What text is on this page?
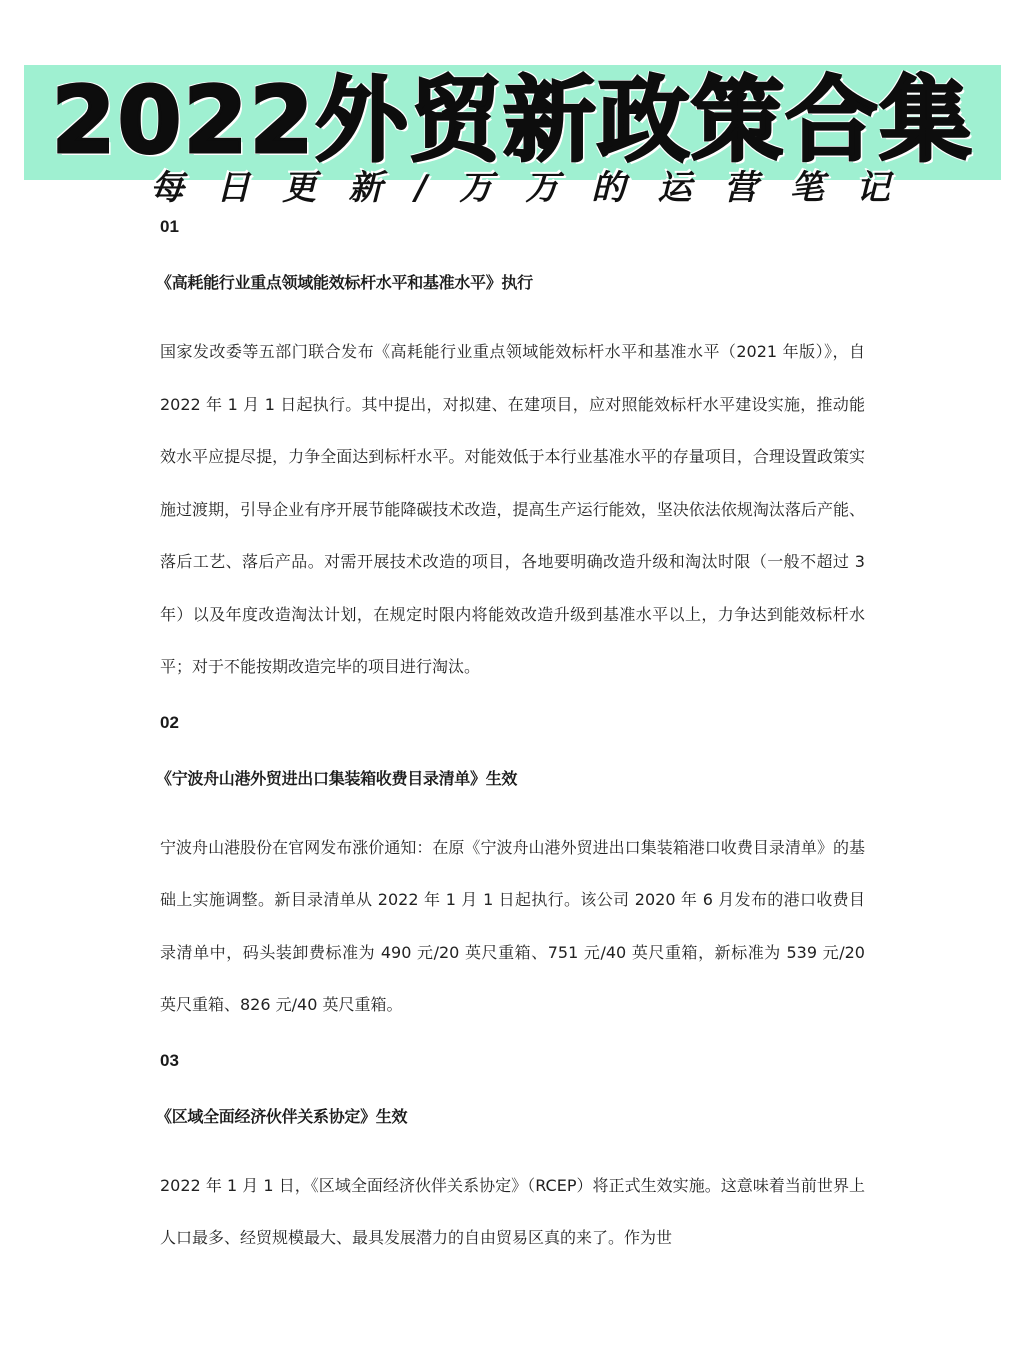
2022外贸新政策合集
每 日 更 新 / 万 万 的 运 营 笔 记

01

《高耗能行业重点领域能效标杆水平和基准水平》执行

国家发改委等五部门联合发布《高耗能行业重点领域能效标杆水平和基准水平（2021 年版）》，自 2022 年 1 月 1 日起执行。其中提出，对拟建、在建项目，应对照能效标杆水平建设实施，推动能效水平应提尽提，力争全面达到标杆水平。对能效低于本行业基准水平的存量项目，合理设置政策实施过渡期，引导企业有序开展节能降碳技术改造，提高生产运行能效，坚决依法依规淘汰落后产能、落后工艺、落后产品。对需开展技术改造的项目，各地要明确改造升级和淘汰时限（一般不超过 3 年）以及年度改造淘汰计划，在规定时限内将能效改造升级到基准水平以上，力争达到能效标杆水平；对于不能按期改造完毕的项目进行淘汰。

02

《宁波舟山港外贸进出口集装箱收费目录清单》生效

宁波舟山港股份在官网发布涨价通知：在原《宁波舟山港外贸进出口集装箱港口收费目录清单》的基础上实施调整。新目录清单从 2022 年 1 月 1 日起执行。该公司 2020 年 6 月发布的港口收费目录清单中，码头装卸费标准为 490 元/20 英尺重箱、751 元/40 英尺重箱，新标准为 539 元/20 英尺重箱、826 元/40 英尺重箱。

03

《区域全面经济伙伴关系协定》生效

2022 年 1 月 1 日，《区域全面经济伙伴关系协定》（RCEP）将正式生效实施。这意味着当前世界上人口最多、经贸规模最大、最具发展潜力的自由贸易区真的来了。作为世
